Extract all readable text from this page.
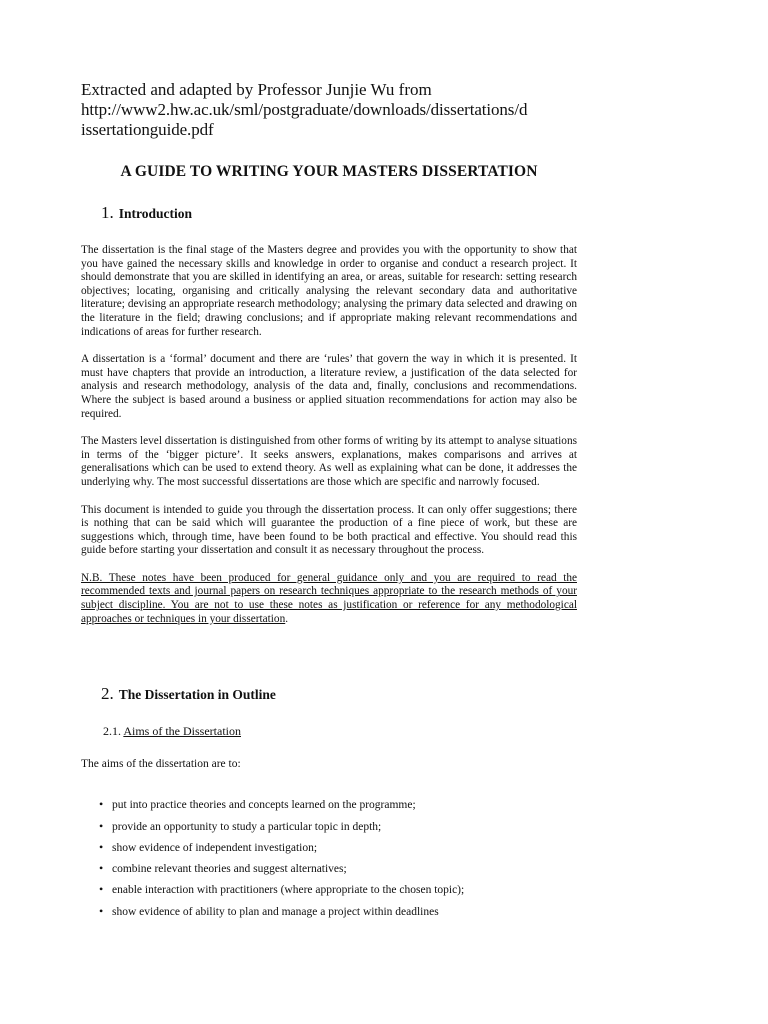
Extracted and adapted by Professor Junjie Wu from

http://www2.hw.ac.uk/sml/postgraduate/downloads/dissertations/d

issertationguide.pdf

A GUIDE TO WRITING YOUR MASTERS DISSERTATION
1. Introduction

The dissertation is the final stage of the Masters degree and provides you with the opportunity to show that you have gained the necessary skills and knowledge in order to organise and conduct a research project. It should demonstrate that you are skilled in identifying an area, or areas, suitable for research: setting research objectives; locating, organising and critically analysing the relevant secondary data and authoritative literature; devising an appropriate research methodology; analysing the primary data selected and drawing on the literature in the field; drawing conclusions; and if appropriate making relevant recommendations and indications of areas for further research.

A dissertation is a ‘formal’ document and there are ‘rules’ that govern the way in which it is presented. It must have chapters that provide an introduction, a literature review, a justification of the data selected for analysis and research methodology, analysis of the data and, finally, conclusions and recommendations. Where the subject is based around a business or applied situation recommendations for action may also be required.

The Masters level dissertation is distinguished from other forms of writing by its attempt to analyse situations in terms of the ‘bigger picture’. It seeks answers, explanations, makes comparisons and arrives at generalisations which can be used to extend theory. As well as explaining what can be done, it addresses the underlying why. The most successful dissertations are those which are specific and narrowly focused.

This document is intended to guide you through the dissertation process. It can only offer suggestions; there is nothing that can be said which will guarantee the production of a fine piece of work, but these are suggestions which, through time, have been found to be both practical and effective. You should read this guide before starting your dissertation and consult it as necessary throughout the process.

N.B. These notes have been produced for general guidance only and you are required to read the recommended texts and journal papers on research techniques appropriate to the research methods of your subject discipline. You are not to use these notes as justification or reference for any methodological approaches or techniques in your dissertation.

2. The Dissertation in Outline
2.1. Aims of the Dissertation

The aims of the dissertation are to:

• put into practice theories and concepts learned on the programme;
• provide an opportunity to study a particular topic in depth;
• show evidence of independent investigation;
• combine relevant theories and suggest alternatives;
• enable interaction with practitioners (where appropriate to the chosen topic);
• show evidence of ability to plan and manage a project within deadlines
